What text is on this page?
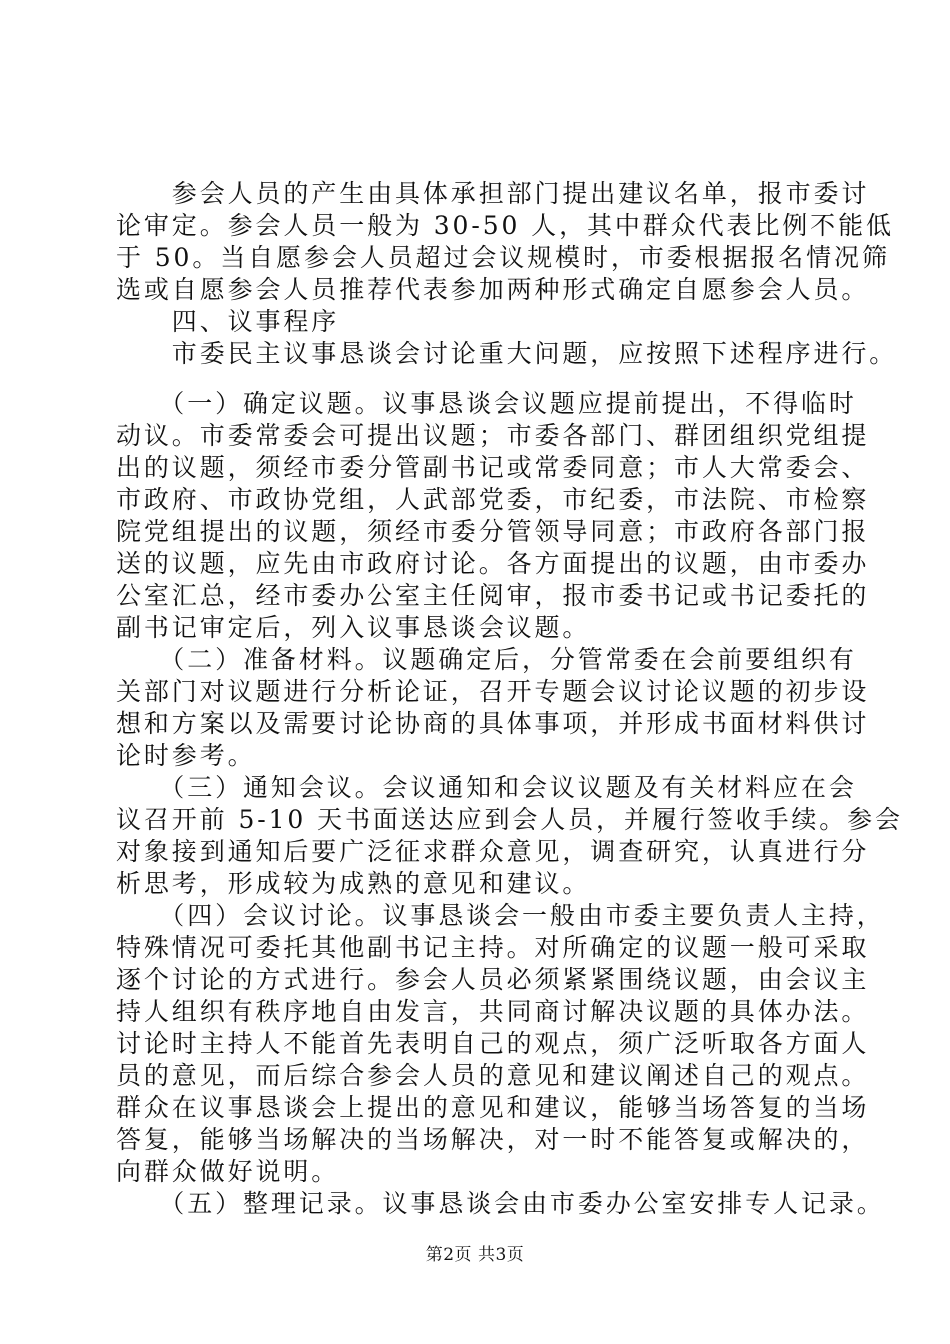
　　参会人员的产生由具体承担部门提出建议名单，报市委讨
论审定。参会人员一般为 30-50 人，其中群众代表比例不能低
于 50。当自愿参会人员超过会议规模时，市委根据报名情况筛
选或自愿参会人员推荐代表参加两种形式确定自愿参会人员。
　　四、议事程序
　　市委民主议事恳谈会讨论重大问题，应按照下述程序进行。
　　（一）确定议题。议事恳谈会议题应提前提出，不得临时
动议。市委常委会可提出议题；市委各部门、群团组织党组提
出的议题，须经市委分管副书记或常委同意；市人大常委会、
市政府、市政协党组，人武部党委，市纪委，市法院、市检察
院党组提出的议题，须经市委分管领导同意；市政府各部门报
送的议题，应先由市政府讨论。各方面提出的议题，由市委办
公室汇总，经市委办公室主任阅审，报市委书记或书记委托的
副书记审定后，列入议事恳谈会议题。
　　（二）准备材料。议题确定后，分管常委在会前要组织有
关部门对议题进行分析论证，召开专题会议讨论议题的初步设
想和方案以及需要讨论协商的具体事项，并形成书面材料供讨
论时参考。
　　（三）通知会议。会议通知和会议议题及有关材料应在会
议召开前 5-10 天书面送达应到会人员，并履行签收手续。参会
对象接到通知后要广泛征求群众意见，调查研究，认真进行分
析思考，形成较为成熟的意见和建议。
　　（四）会议讨论。议事恳谈会一般由市委主要负责人主持，
特殊情况可委托其他副书记主持。对所确定的议题一般可采取
逐个讨论的方式进行。参会人员必须紧紧围绕议题，由会议主
持人组织有秩序地自由发言，共同商讨解决议题的具体办法。
讨论时主持人不能首先表明自己的观点，须广泛听取各方面人
员的意见，而后综合参会人员的意见和建议阐述自己的观点。
群众在议事恳谈会上提出的意见和建议，能够当场答复的当场
答复，能够当场解决的当场解决，对一时不能答复或解决的，
向群众做好说明。
　　（五）整理记录。议事恳谈会由市委办公室安排专人记录。
第2页 共3页
